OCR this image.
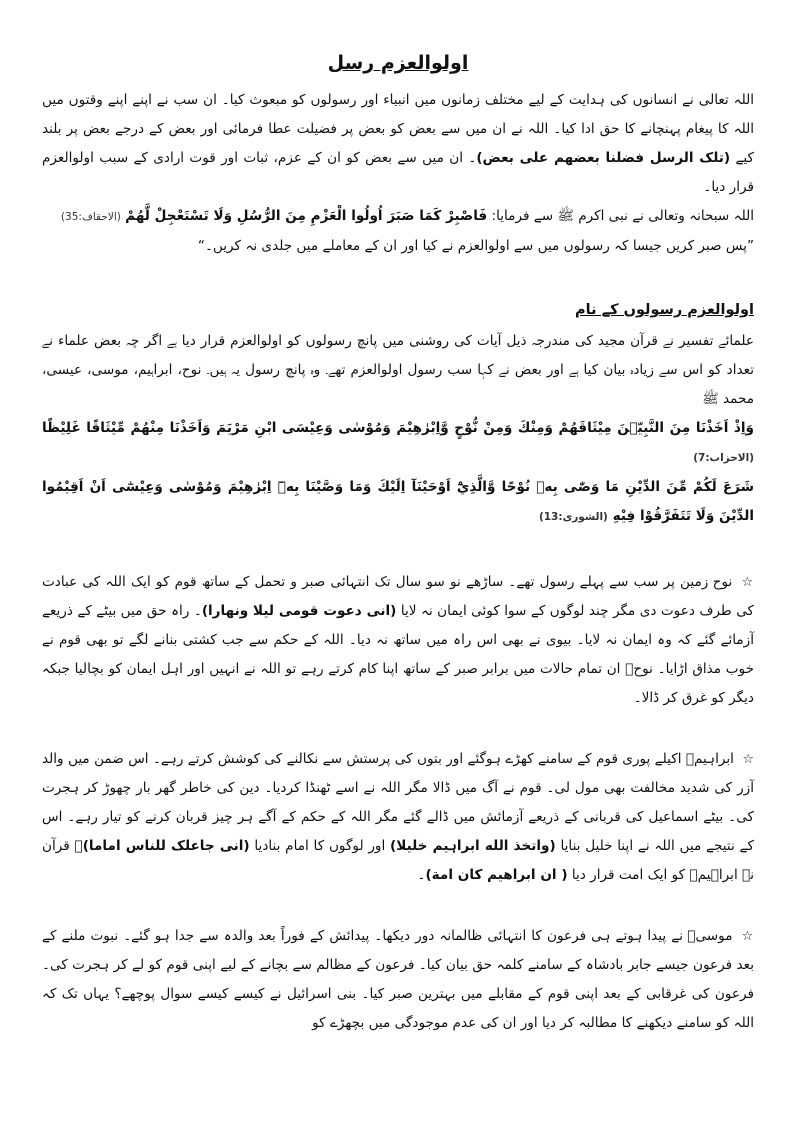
اولوالعزم رسل

اللہ تعالی نے انسانوں کی ہدایت کے لیے مختلف زمانوں میں انبیاء اور رسولوں کو مبعوث کیا۔ ان سب نے اپنے اپنے وقتوں میں اللہ کا پیغام پہنچانے کا حق ادا کیا۔ اللہ نے ان میں سے بعض کو بعض پر فضیلت عطا فرمائی اور بعض کے درجے بعض پر بلند کیے (تلک الرسل فضلنا بعضھم علی بعض)۔ ان میں سے بعض کو ان کے عزم، ثبات اور قوت ارادی کے سبب اولوالعزم قرار دیا۔

اللہ سبحانہ وتعالی نے نبی اکرم ﷺ سے فرمایا: فَاصْبِرْ كَمَا صَبَرَ اُولُوا الْعَزْمِ مِنَ الرُّسُلِ وَلَا تَسْتَعْجِلْ لَّهُمْ (الاحقاف:35)

”پس صبر کریں جیسا کہ رسولوں میں سے اولوالعزم نے کیا اور ان کے معاملے میں جلدی نہ کریں۔“

اولوالعزم رسولوں کے نام

علمائے تفسیر نے قرآن مجید کی مندرجہ ذیل آیات کی روشنی میں پانچ رسولوں کو اولوالعزم قرار دیا ہے اگر چہ بعض علماء نے تعداد کو اس سے زیادہ بیان کیا ہے اور بعض نے کہا سب رسول اولوالعزم تھے۔ وہ پانچ رسول یہ ہیں۔ نوح، ابراہیم، موسی، عیسی، محمد ﷺ

وَاِذْ اَخَذْنَا مِنَ النَّبِيّٖنَ مِيْثَاقَهُمْ وَمِنْكَ وَمِنْ نُّوْحٍ وَّاِبْرٰهِيْمَ وَمُوْسٰى وَعِيْسَى ابْنِ مَرْيَمَ وَاَخَذْنَا مِنْهُمْ مِّيْثَاقًا غَلِيْظًا (الاحزاب:7)

شَرَعَ لَكُمْ مِّنَ الدِّيْنِ مَا وَصّٰى بِهٖ نُوْحًا وَّالَّذِيْٓ اَوْحَيْنَآ اِلَيْكَ وَمَا وَصَّيْنَا بِهٖٓ اِبْرٰهِيْمَ وَمُوْسٰى وَعِيْسٰٓى اَنْ اَقِيْمُوا الدِّيْنَ وَلَا تَتَفَرَّقُوْا فِيْهِ (الشوری:13)

☆ نوح زمین پر سب سے پہلے رسول تھے۔ ساڑھے نو سو سال تک انتہائی صبر و تحمل کے ساتھ قوم کو ایک اللہ کی عبادت کی طرف دعوت دی مگر چند لوگوں کے سوا کوئی ایمان نہ لایا (انی دعوت قومی لیلا ونھارا)۔ راہ حق میں بیٹے کے ذریعے آزمائے گئے کہ وہ ایمان نہ لایا۔ بیوی نے بھی اس راہ میں ساتھ نہ دیا۔ اللہ کے حکم سے جب کشتی بنانے لگے تو بھی قوم نے خوب مذاق اڑایا۔ نوحؑ ان تمام حالات میں برابر صبر کے ساتھ اپنا کام کرتے رہے تو اللہ نے انہیں اور اہل ایمان کو بچالیا جبکہ دیگر کو غرق کر ڈالا۔

☆ ابراہیمؑ اکیلے پوری قوم کے سامنے کھڑے ہوگئے اور بتوں کی پرستش سے نکالنے کی کوشش کرتے رہے۔ اس ضمن میں والد آزر کی شدید مخالفت بھی مول لی۔ قوم نے آگ میں ڈالا مگر اللہ نے اسے ٹھنڈا کردیا۔ دین کی خاطر گھر بار چھوڑ کر ہجرت کی۔ بیٹے اسماعیل کی قربانی کے ذریعے آزمائش میں ڈالے گئے مگر اللہ کے حکم کے آگے ہر چیز قربان کرنے کو تیار رہے۔ اس کے نتیجے میں اللہ نے اپنا خلیل بنایا (واتخذ الله ابراہیم خلیلا) اور لوگوں کا امام بنادیا (انی جاعلک للناس اماما)۔ قرآن نے ابراہیمؑ کو ایک امت قرار دیا ( ان ابراھیم کان امة)۔

☆ موسیؑ نے پیدا ہوتے ہی فرعون کا انتہائی ظالمانہ دور دیکھا۔ پیدائش کے فوراً بعد والدہ سے جدا ہو گئے۔ نبوت ملنے کے بعد فرعون جیسے جابر بادشاہ کے سامنے کلمہ حق بیان کیا۔ فرعون کے مظالم سے بچانے کے لیے اپنی قوم کو لے کر ہجرت کی۔ فرعون کی غرقابی کے بعد اپنی قوم کے مقابلے میں بہترین صبر کیا۔ بنی اسرائیل نے کیسے کیسے سوال پوچھے؟ یہاں تک کہ اللہ کو سامنے دیکھنے کا مطالبہ کر دیا اور ان کی عدم موجودگی میں بچھڑے کو
